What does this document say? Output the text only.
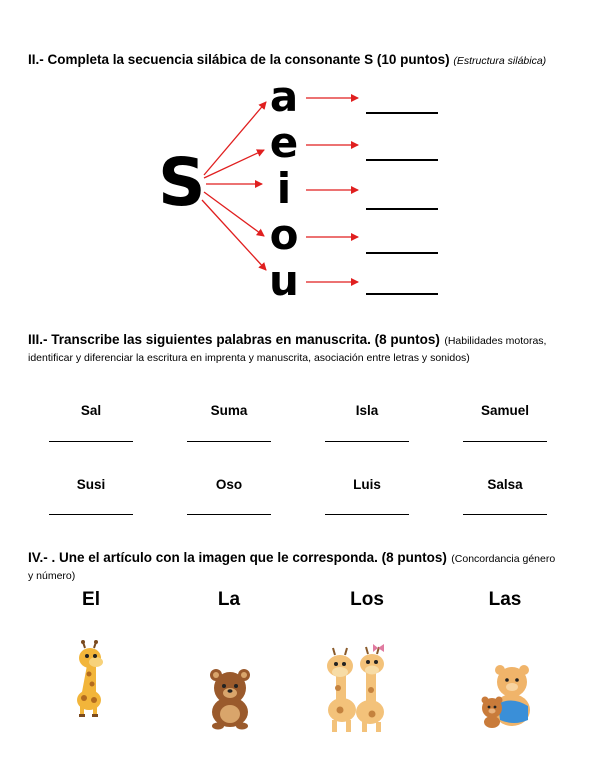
II.- Completa la secuencia silábica de la consonante S (10 puntos) (Estructura silábica)
S
a
e
i
o
u
III.- Transcribe las siguientes palabras en manuscrita. (8 puntos) (Habilidades motoras,
identificar y diferenciar la escritura en imprenta y manuscrita, asociación entre letras y sonidos)
Sal	Suma	Isla	Samuel
Susi	Oso	Luis	Salsa
IV.- . Une el artículo con la imagen que le corresponda. (8 puntos) (Concordancia género
y número)
El	La	Los	Las
